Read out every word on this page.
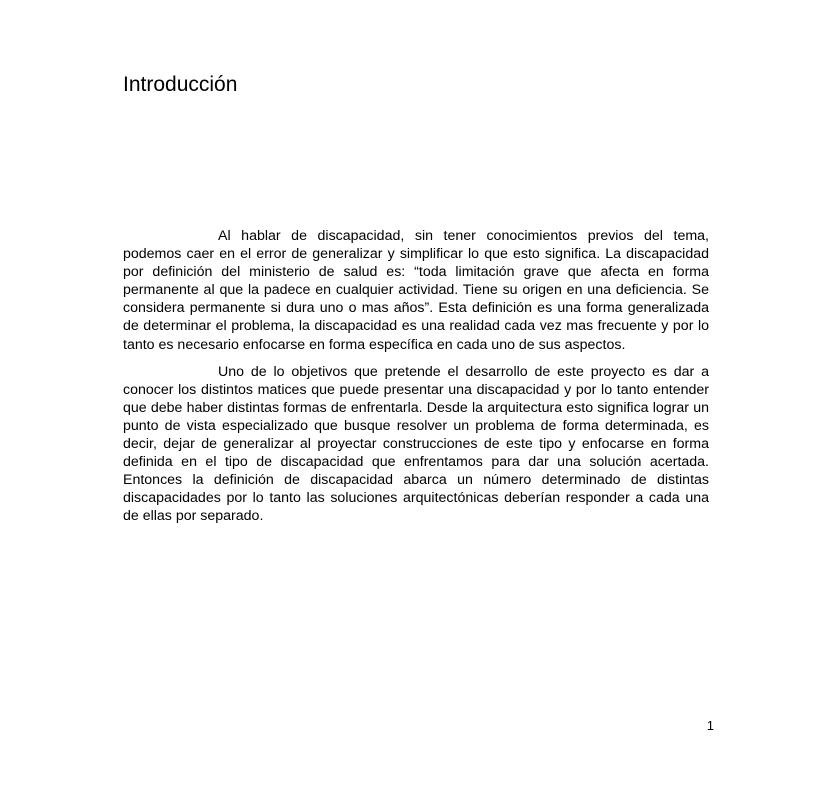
Introducción

Al hablar de discapacidad, sin tener conocimientos previos del tema, podemos caer en el error de generalizar y simplificar lo que esto significa. La discapacidad por definición del ministerio de salud es: “toda limitación grave que afecta en forma permanente al que la padece en cualquier actividad. Tiene su origen en una deficiencia. Se considera permanente si dura uno o mas años”. Esta definición es una forma generalizada de determinar el problema, la discapacidad es una realidad cada vez mas frecuente y por lo tanto es necesario enfocarse en forma específica en cada uno de sus aspectos.

Uno de lo objetivos que pretende el desarrollo de este proyecto es dar a conocer los distintos matices que puede presentar una discapacidad y por lo tanto entender que debe haber distintas formas de enfrentarla. Desde la arquitectura esto significa lograr un punto de vista especializado que busque resolver un problema de forma determinada, es decir, dejar de generalizar al proyectar construcciones de este tipo y enfocarse en forma definida en el tipo de discapacidad que enfrentamos para dar una solución acertada. Entonces la definición de discapacidad abarca un número determinado de distintas discapacidades por lo tanto las soluciones arquitectónicas deberían responder a cada una de ellas por separado.

1
